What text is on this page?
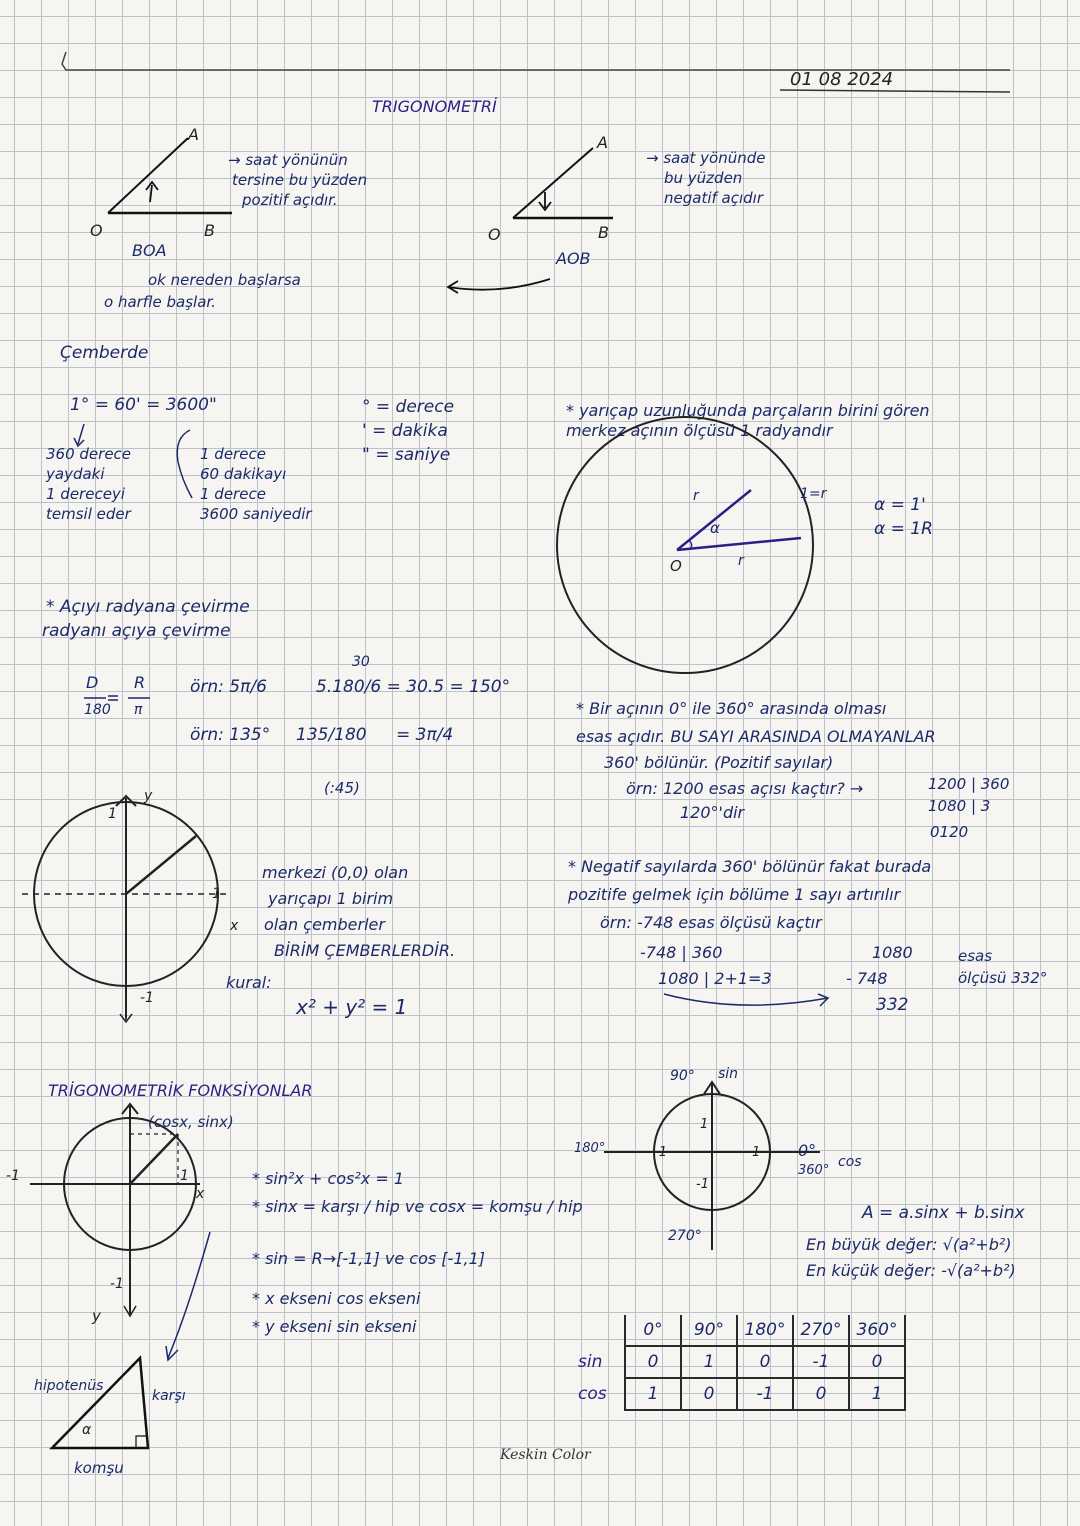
01 08 2024
TRIGONOMETRİ
A
O	B
BOA
→ saat yönünün
tersine bu yüzden
pozitif açıdır.
ok nereden başlarsa
o harfle başlar.
A
O	B
AOB
→ saat yönünde
bu yüzden
negatif açıdır
Çemberde
1° = 60' = 3600"
360 derece
yaydaki
1 dereceyi
temsil eder
1 derece
60 dakikayı
1 derece
3600 saniyedir
° = derece
' = dakika
" = saniye
* yarıçap uzunluğunda parçaların birini gören
merkez açının ölçüsü 1 radyandır
r
r
1=r
α
O
α = 1'
α = 1R
* Açıyı radyana çevirme
radyanı açıya çevirme
D R
180 π
30
örn: 5π/6	5.180/6 = 30.5 = 150°
örn: 135° 135/180 = 3π/4
(:45)
* Bir açının 0° ile 360° arasında olması
esas açıdır. BU SAYI ARASINDA OLMAYANLAR
360' bölünür. (Pozitif sayılar)
örn: 1200 esas açısı kaçtır? →
120°'dir
1200 | 360
1080 | 3
0120
y
1
-1
1
x
merkezi (0,0) olan
yarıçapı 1 birim
olan çemberler
BİRİM ÇEMBERLERDİR.
kural:
x² + y² = 1
* Negatif sayılarda 360' bölünür fakat burada
pozitife gelmek için bölüme 1 sayı artırılır
örn: -748 esas ölçüsü kaçtır
-748 | 360
1080 | 2+1=3
1080
- 748
332
esas
ölçüsü 332°
TRİGONOMETRİK FONKSİYONLAR
(cosx, sinx)
-1	1
x
-1
y
* sin²x + cos²x = 1
* sinx = karşı / hip ve cosx = komşu / hip
* sin = R→[-1,1] ve cos [-1,1]
* x ekseni cos ekseni
* y ekseni sin ekseni
hipotenüs
karşı
α
komşu
90° sin
180°
1
1
-1
-1
0°
360°
cos
270°
A = a.sinx + b.sinx
En büyük değer: √(a²+b²)
En küçük değer: -√(a²+b²)
	0°	90°	180°	270°	360°
sin	0	1	0	-1	0
cos	1	0	-1	0	1
Keskin Color
